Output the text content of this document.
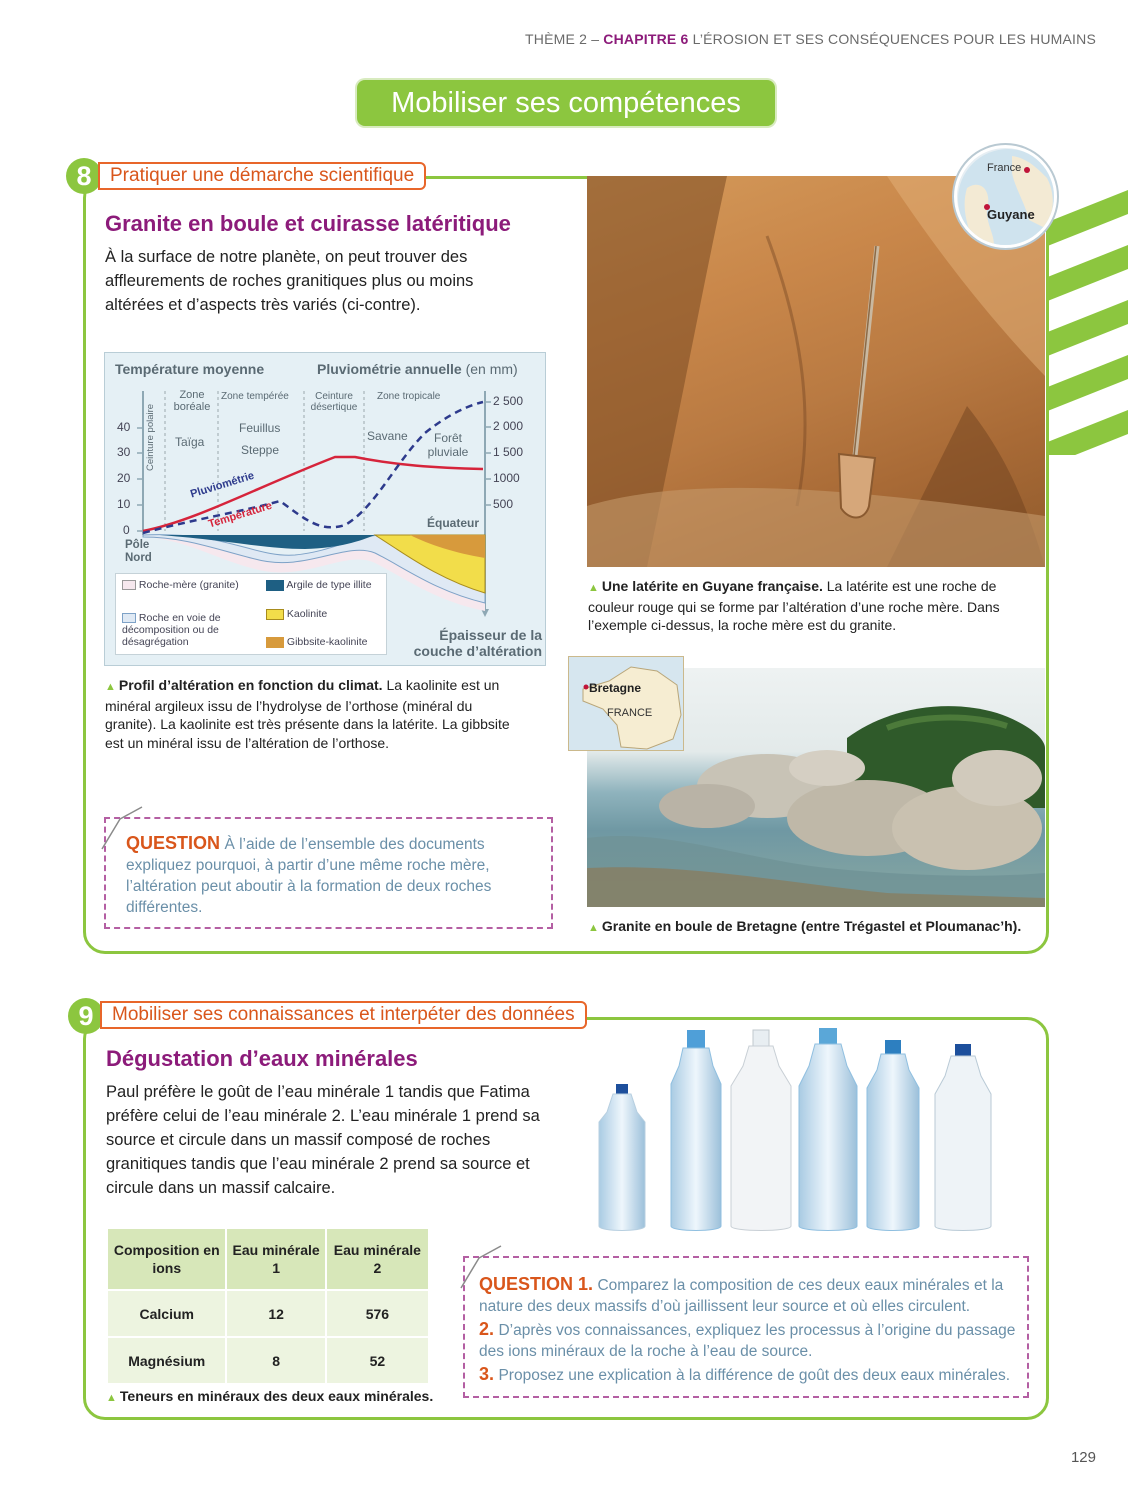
THÈME 2 – CHAPITRE 6 L’ÉROSION ET SES CONSÉQUENCES POUR LES HUMAINS
Mobiliser ses compétences
8 Pratiquer une démarche scientifique
Granite en boule et cuirasse latéritique
À la surface de notre planète, on peut trouver des affleurements de roches granitiques plus ou moins altérées et d’aspects très variés (ci-contre).
Température moyenne	Pluviométrie annuelle (en mm)
40
30
20
10
0
2 500
2 000
1 500
1000
500
Ceinture polaire
Zone boréale
Zone tempérée	Ceinture désertique
Zone tropicale
Taïga
Feuillus
Steppe
Savane	Forêt pluviale
Pluviométrie
Température
Pôle Nord
Équateur
Épaisseur de la couche d’altération
Roche-mère (granite)
Roche en voie de décomposition ou de désagrégation
Argile de type illite
Kaolinite
Gibbsite-kaolinite
▲ Profil d’altération en fonction du climat. La kaolinite est un minéral argileux issu de l’hydrolyse de l’orthose (minéral du granite). La kaolinite est très présente dans la latérite. La gibbsite est un minéral issu de l’altération de l’orthose.
QUESTION À l’aide de l’ensemble des documents expliquez pourquoi, à partir d’une même roche mère, l’altération peut aboutir à la formation de deux roches différentes.
France
Guyane
▲ Une latérite en Guyane française. La latérite est une roche de couleur rouge qui se forme par l’altération d’une roche mère. Dans l’exemple ci-dessus, la roche mère est du granite.
Bretagne
FRANCE
▲ Granite en boule de Bretagne (entre Trégastel et Ploumanac’h).
9 Mobiliser ses connaissances et interpéter des données
Dégustation d’eaux minérales
Paul préfère le goût de l’eau minérale 1 tandis que Fatima préfère celui de l’eau minérale 2. L’eau minérale 1 prend sa source et circule dans un massif composé de roches granitiques tandis que l’eau minérale 2 prend sa source et circule dans un massif calcaire.
Composition en ions	Eau minérale 1	Eau minérale 2
Calcium	12	576
Magnésium	8	52
▲ Teneurs en minéraux des deux eaux minérales.
QUESTION 1. Comparez la composition de ces deux eaux minérales et la nature des deux massifs d’où jaillissent leur source et où elles circulent.
2. D’après vos connaissances, expliquez les processus à l’origine du passage des ions minéraux de la roche à l’eau de source.
3. Proposez une explication à la différence de goût des deux eaux minérales.
129
